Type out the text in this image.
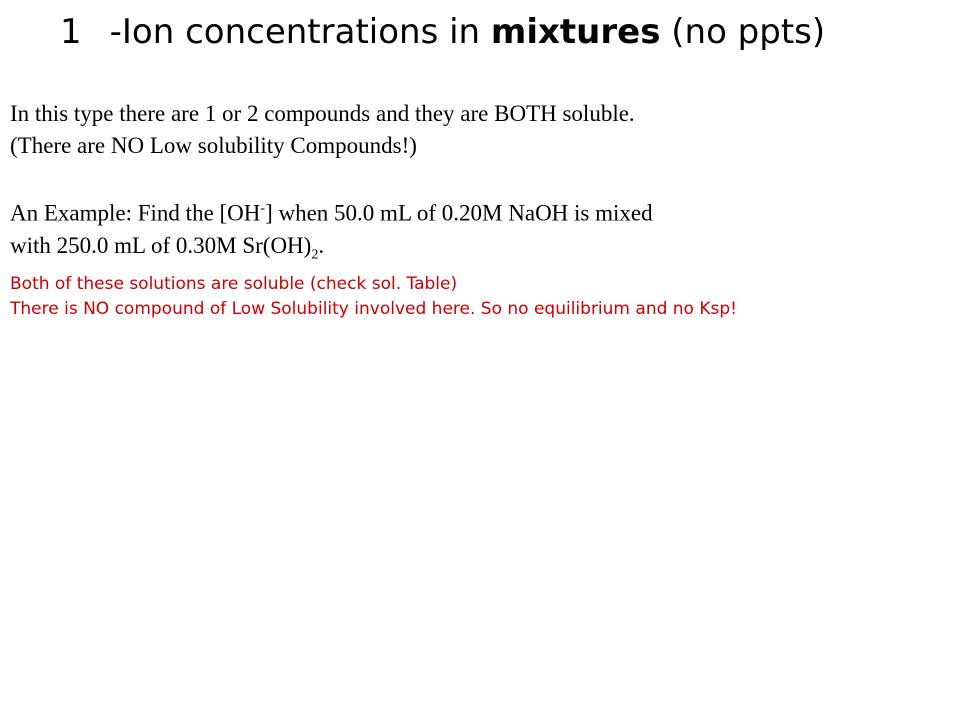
1 -Ion concentrations in mixtures (no ppts)
In this type there are 1 or 2 compounds and they are BOTH soluble.
(There are NO Low solubility Compounds!)
An Example: Find the [OH-] when 50.0 mL of 0.20M NaOH is mixed
with 250.0 mL of 0.30M $Sr(OH)_2$.
Both of these solutions are soluble (check sol. Table)
There is NO compound of Low Solubility involved here. So no equilibrium and no Ksp!
